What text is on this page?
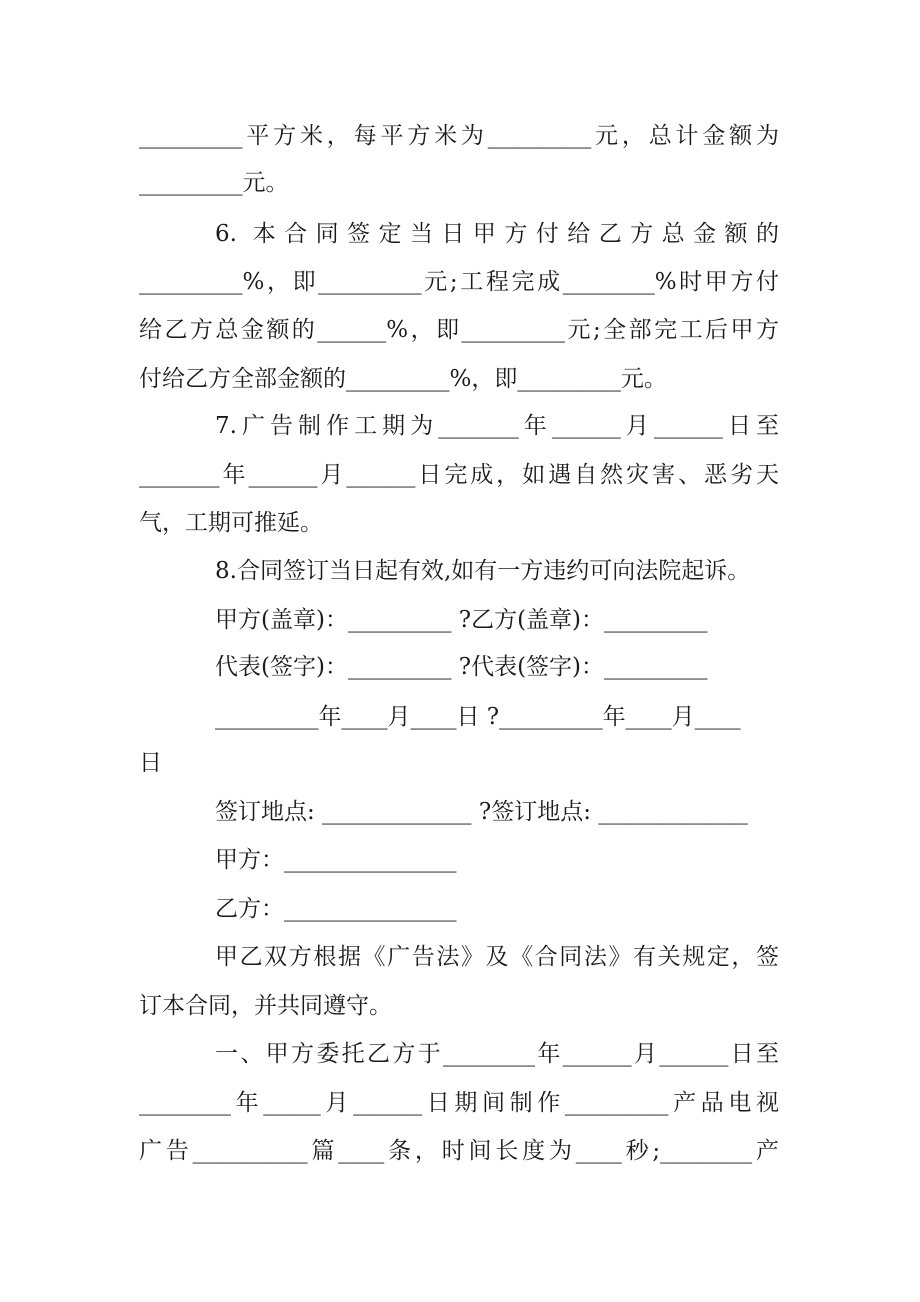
_________平方米，每平方米为_________元，总计金额为

_________元。

6. 本合同签定当日甲方付给乙方总金额的

_________%，即_________元;工程完成________%时甲方付

给乙方总金额的______%，即_________元;全部完工后甲方

付给乙方全部金额的_________%，即_________元。

7.广告制作工期为_______年______月______日至

_______年______月______日完成，如遇自然灾害、恶劣天

气，工期可推延。

8.合同签订当日起有效,如有一方违约可向法院起诉。

甲方(盖章)：_________ ?乙方(盖章)：_________

代表(签字)：_________ ?代表(签字)：_________

_________年____月____日 ?_________年____月____

日

签订地点: _____________ ?签订地点: _____________

甲方：_______________

乙方：_______________

甲乙双方根据《广告法》及《合同法》有关规定，签

订本合同，并共同遵守。

一、甲方委托乙方于________年______月______日至

________年_____月______日期间制作_________产品电视

广告__________篇____条，时间长度为____秒;________产
